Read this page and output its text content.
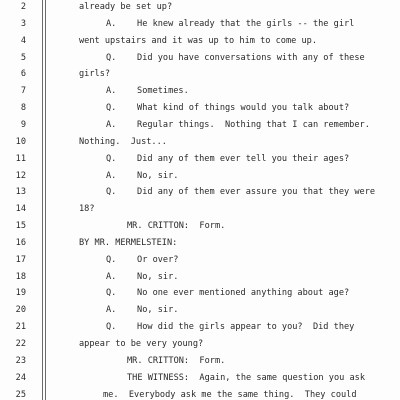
2	already be set up?
3	A.    He knew already that the girls -- the girl
4	went upstairs and it was up to him to come up.
5	Q.    Did you have conversations with any of these
6	girls?
7	A.    Sometimes.
8	Q.    What kind of things would you talk about?
9	A.    Regular things.  Nothing that I can remember.
10	Nothing.  Just...
11	Q.    Did any of them ever tell you their ages?
12	A.    No, sir.
13	Q.    Did any of them ever assure you that they were
14	18?
15	MR. CRITTON:  Form.
16	BY MR. MERMELSTEIN:
17	Q.    Or over?
18	A.    No, sir.
19	Q.    No one ever mentioned anything about age?
20	A.    No, sir.
21	Q.    How did the girls appear to you?  Did they
22	appear to be very young?
23	MR. CRITTON:  Form.
24	THE WITNESS:  Again, the same question you ask
25	me.  Everybody ask me the same thing.  They could
